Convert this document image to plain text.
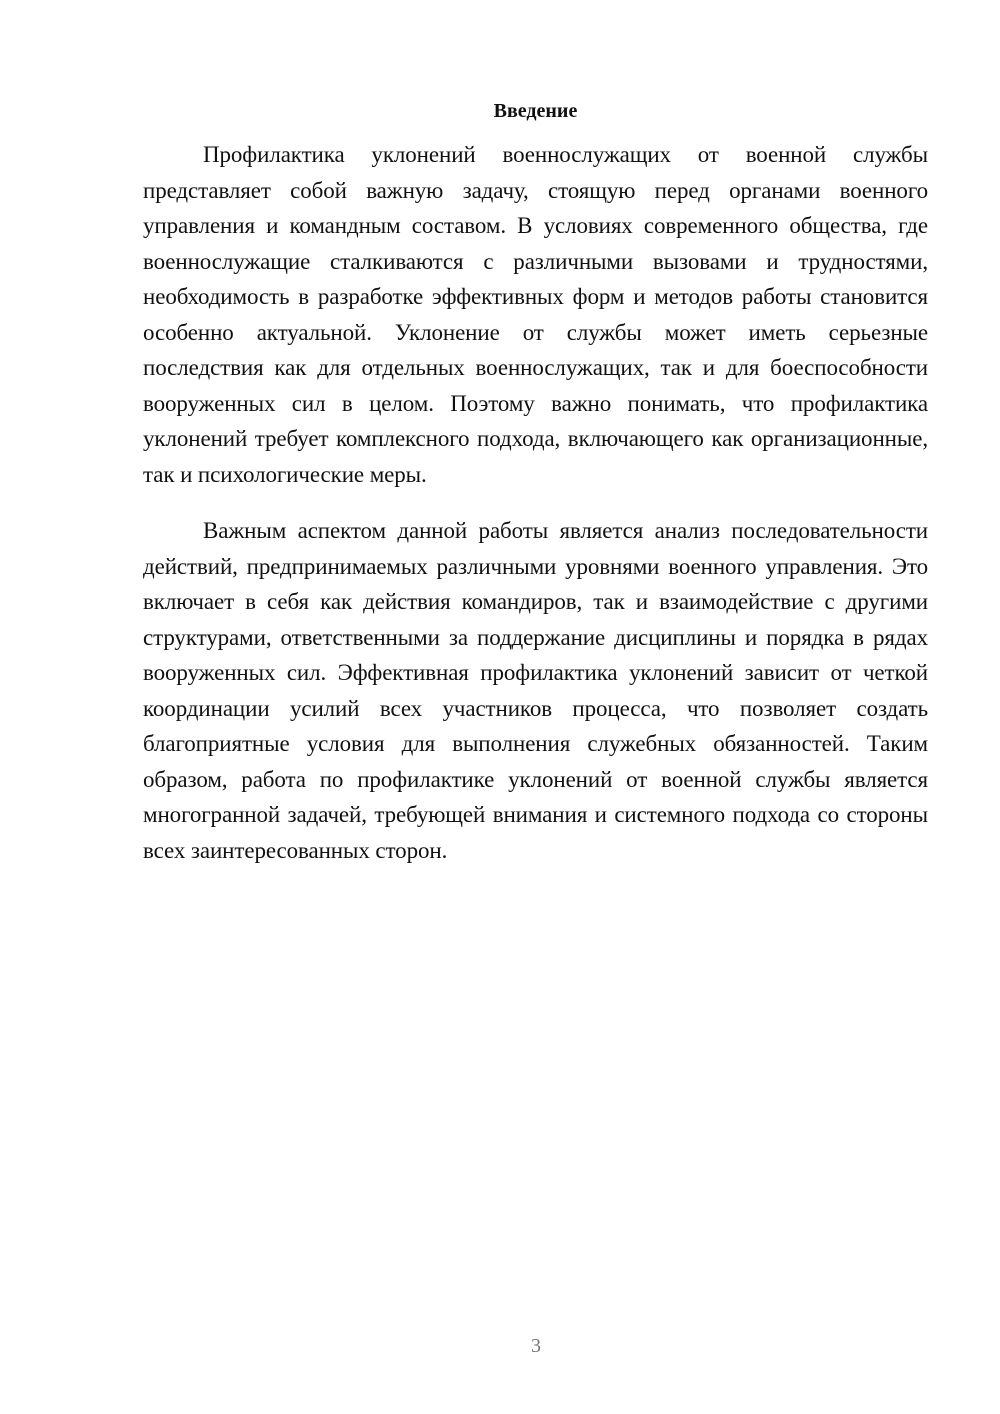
Введение

Профилактика уклонений военнослужащих от военной службы представляет собой важную задачу, стоящую перед органами военного управления и командным составом. В условиях современного общества, где военнослужащие сталкиваются с различными вызовами и трудностями, необходимость в разработке эффективных форм и методов работы становится особенно актуальной. Уклонение от службы может иметь серьезные последствия как для отдельных военнослужащих, так и для боеспособности вооруженных сил в целом. Поэтому важно понимать, что профилактика уклонений требует комплексного подхода, включающего как организационные, так и психологические меры.

Важным аспектом данной работы является анализ последовательности действий, предпринимаемых различными уровнями военного управления. Это включает в себя как действия командиров, так и взаимодействие с другими структурами, ответственными за поддержание дисциплины и порядка в рядах вооруженных сил. Эффективная профилактика уклонений зависит от четкой координации усилий всех участников процесса, что позволяет создать благоприятные условия для выполнения служебных обязанностей. Таким образом, работа по профилактике уклонений от военной службы является многогранной задачей, требующей внимания и системного подхода со стороны всех заинтересованных сторон.

3
